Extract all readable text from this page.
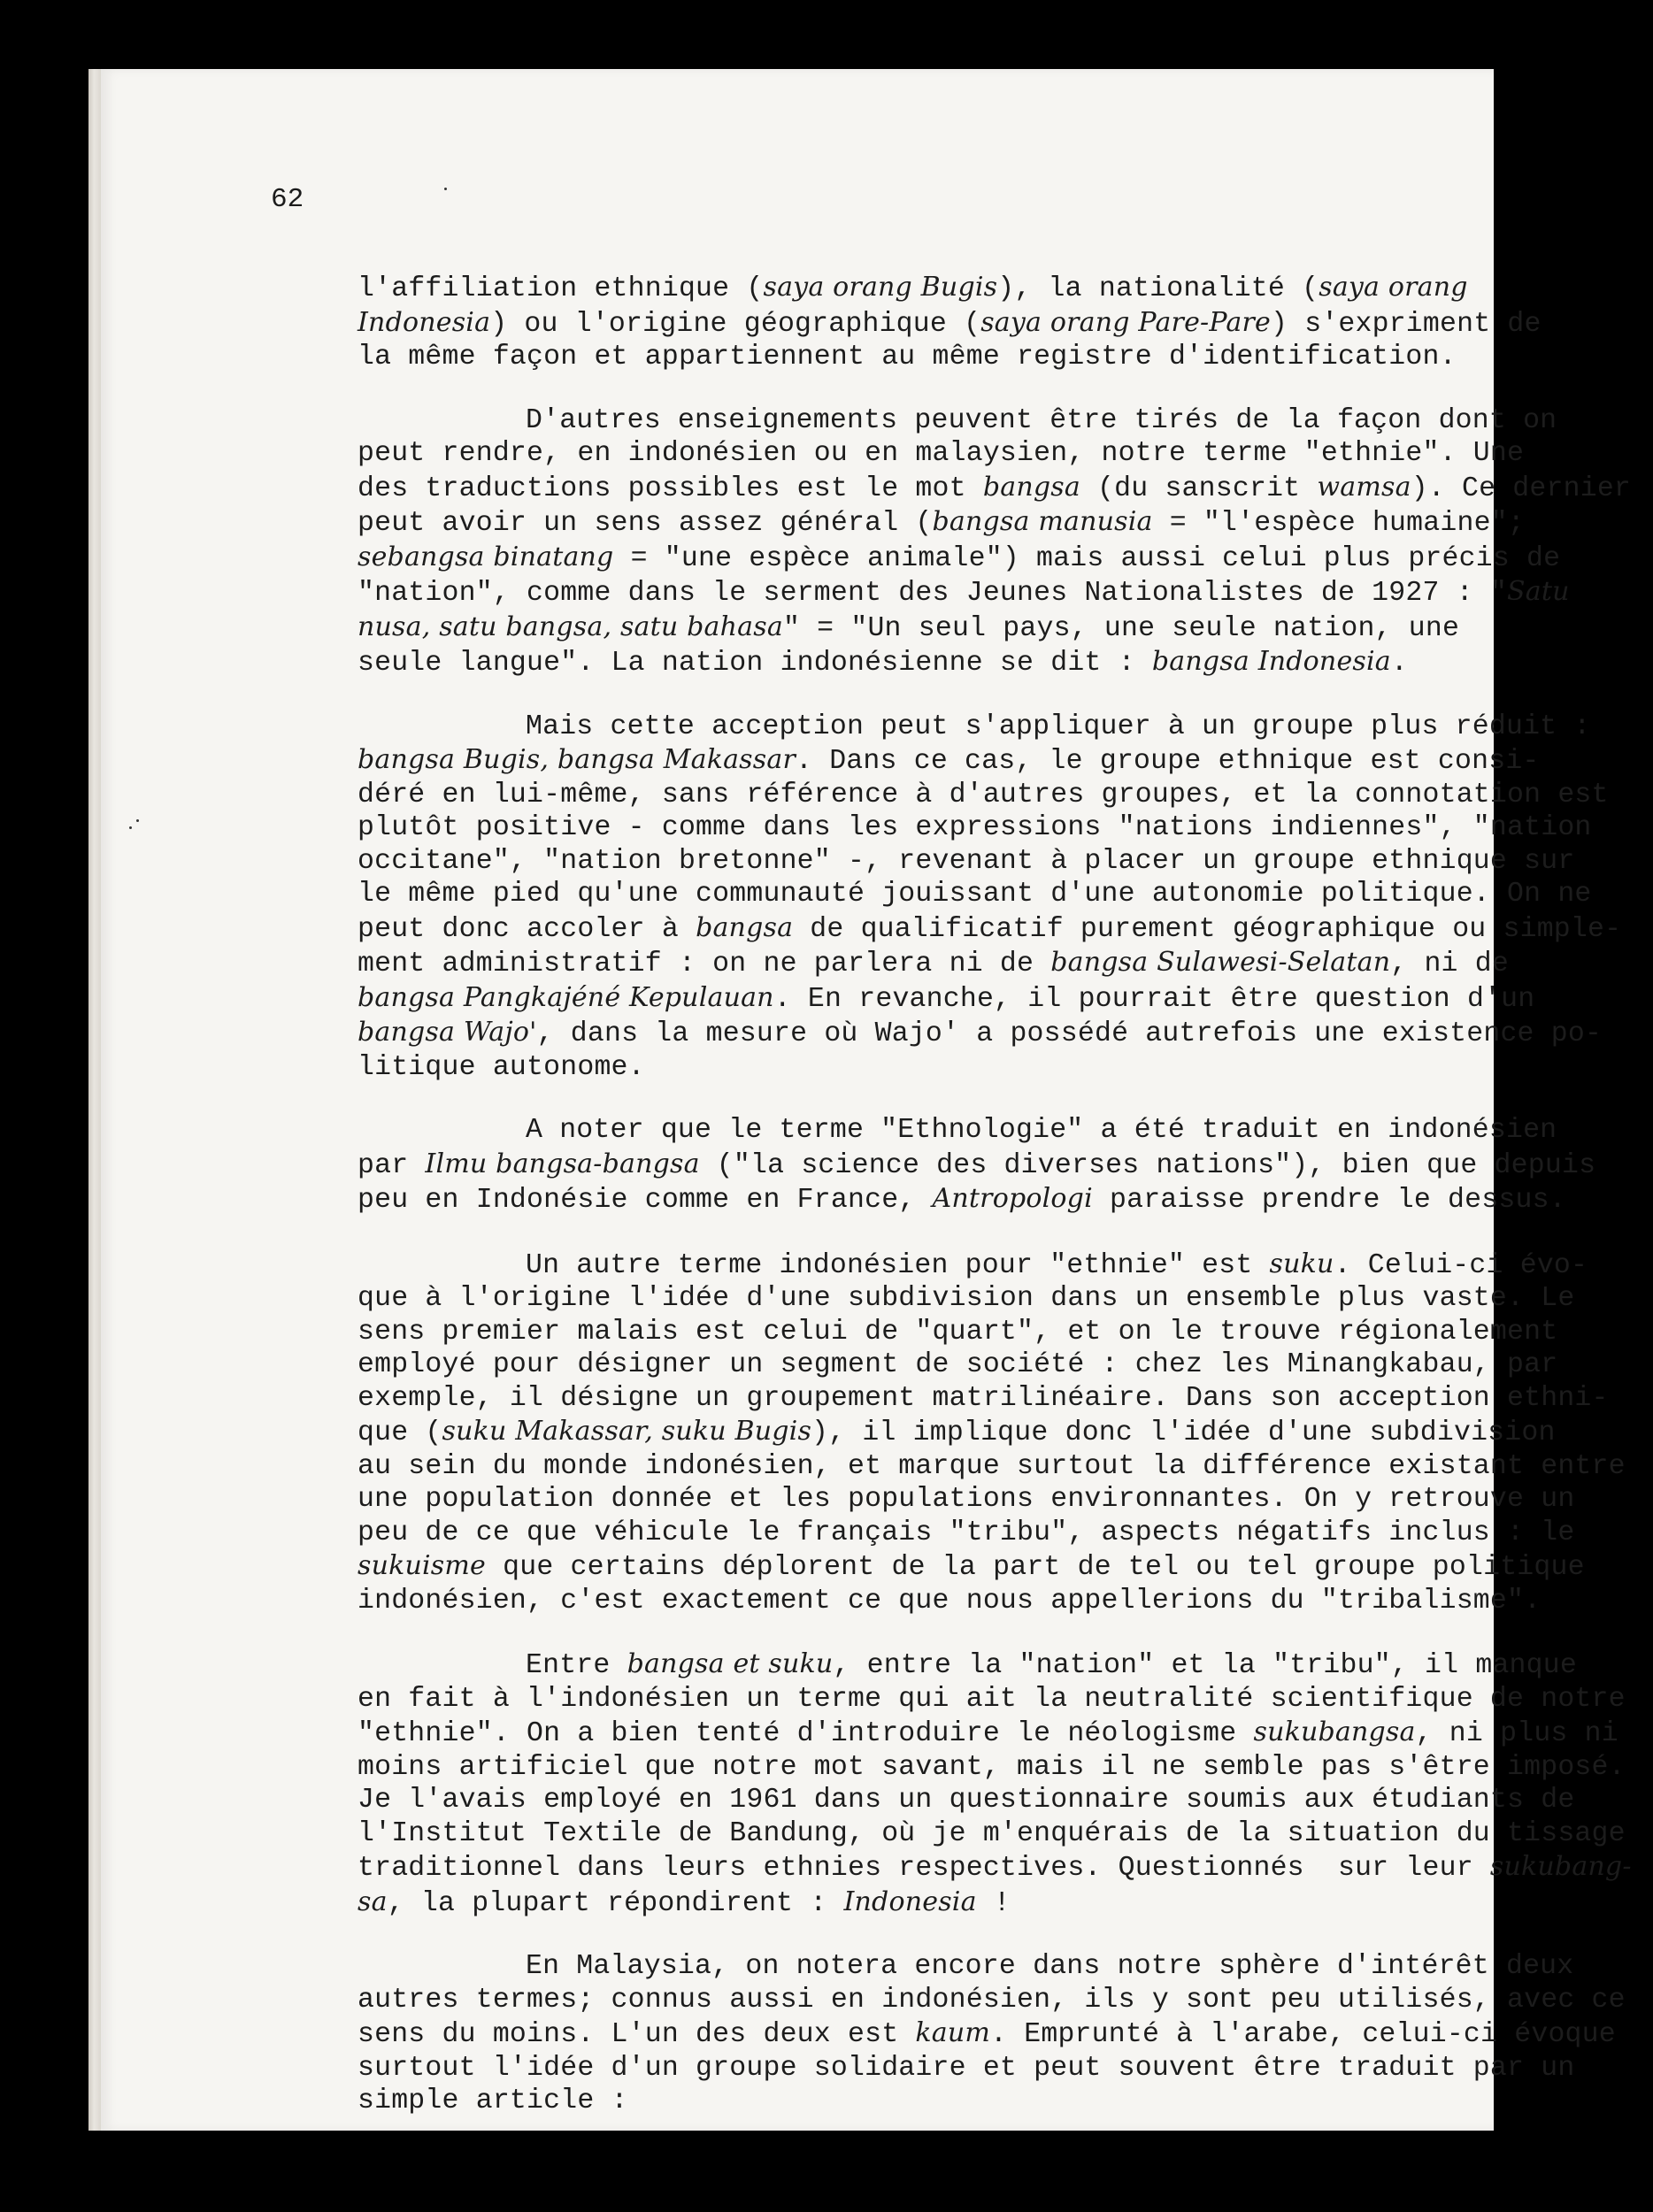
62
l'affiliation ethnique (saya orang Bugis), la nationalité (saya orang
Indonesia) ou l'origine géographique (saya orang Pare-Pare) s'expriment de
la même façon et appartiennent au même registre d'identification.
D'autres enseignements peuvent être tirés de la façon dont on
peut rendre, en indonésien ou en malaysien, notre terme "ethnie". Une
des traductions possibles est le mot bangsa (du sanscrit wamsa). Ce dernier
peut avoir un sens assez général (bangsa manusia = "l'espèce humaine";
sebangsa binatang = "une espèce animale") mais aussi celui plus précis de
"nation", comme dans le serment des Jeunes Nationalistes de 1927 : "Satu
nusa, satu bangsa, satu bahasa" = "Un seul pays, une seule nation, une
seule langue". La nation indonésienne se dit : bangsa Indonesia.
Mais cette acception peut s'appliquer à un groupe plus réduit :
bangsa Bugis, bangsa Makassar. Dans ce cas, le groupe ethnique est consi-
déré en lui-même, sans référence à d'autres groupes, et la connotation est
plutôt positive - comme dans les expressions "nations indiennes", "nation
occitane", "nation bretonne" -, revenant à placer un groupe ethnique sur
le même pied qu'une communauté jouissant d'une autonomie politique. On ne
peut donc accoler à bangsa de qualificatif purement géographique ou simple-
ment administratif : on ne parlera ni de bangsa Sulawesi-Selatan, ni de
bangsa Pangkajéné Kepulauan. En revanche, il pourrait être question d'un
bangsa Wajo', dans la mesure où Wajo' a possédé autrefois une existence po-
litique autonome.
A noter que le terme "Ethnologie" a été traduit en indonésien
par Ilmu bangsa-bangsa ("la science des diverses nations"), bien que depuis
peu en Indonésie comme en France, Antropologi paraisse prendre le dessus.
Un autre terme indonésien pour "ethnie" est suku. Celui-ci évo-
que à l'origine l'idée d'une subdivision dans un ensemble plus vaste. Le
sens premier malais est celui de "quart", et on le trouve régionalement
employé pour désigner un segment de société : chez les Minangkabau, par
exemple, il désigne un groupement matrilinéaire. Dans son acception ethni-
que (suku Makassar, suku Bugis), il implique donc l'idée d'une subdivision
au sein du monde indonésien, et marque surtout la différence existant entre
une population donnée et les populations environnantes. On y retrouve un
peu de ce que véhicule le français "tribu", aspects négatifs inclus : le
sukuisme que certains déplorent de la part de tel ou tel groupe politique
indonésien, c'est exactement ce que nous appellerions du "tribalisme".
Entre bangsa et suku, entre la "nation" et la "tribu", il manque
en fait à l'indonésien un terme qui ait la neutralité scientifique de notre
"ethnie". On a bien tenté d'introduire le néologisme sukubangsa, ni plus ni
moins artificiel que notre mot savant, mais il ne semble pas s'être imposé.
Je l'avais employé en 1961 dans un questionnaire soumis aux étudiants de
l'Institut Textile de Bandung, où je m'enquérais de la situation du tissage
traditionnel dans leurs ethnies respectives. Questionnés  sur leur sukubang-
sa, la plupart répondirent : Indonesia !
En Malaysia, on notera encore dans notre sphère d'intérêt deux
autres termes; connus aussi en indonésien, ils y sont peu utilisés, avec ce
sens du moins. L'un des deux est kaum. Emprunté à l'arabe, celui-ci évoque
surtout l'idée d'un groupe solidaire et peut souvent être traduit par un
simple article :
